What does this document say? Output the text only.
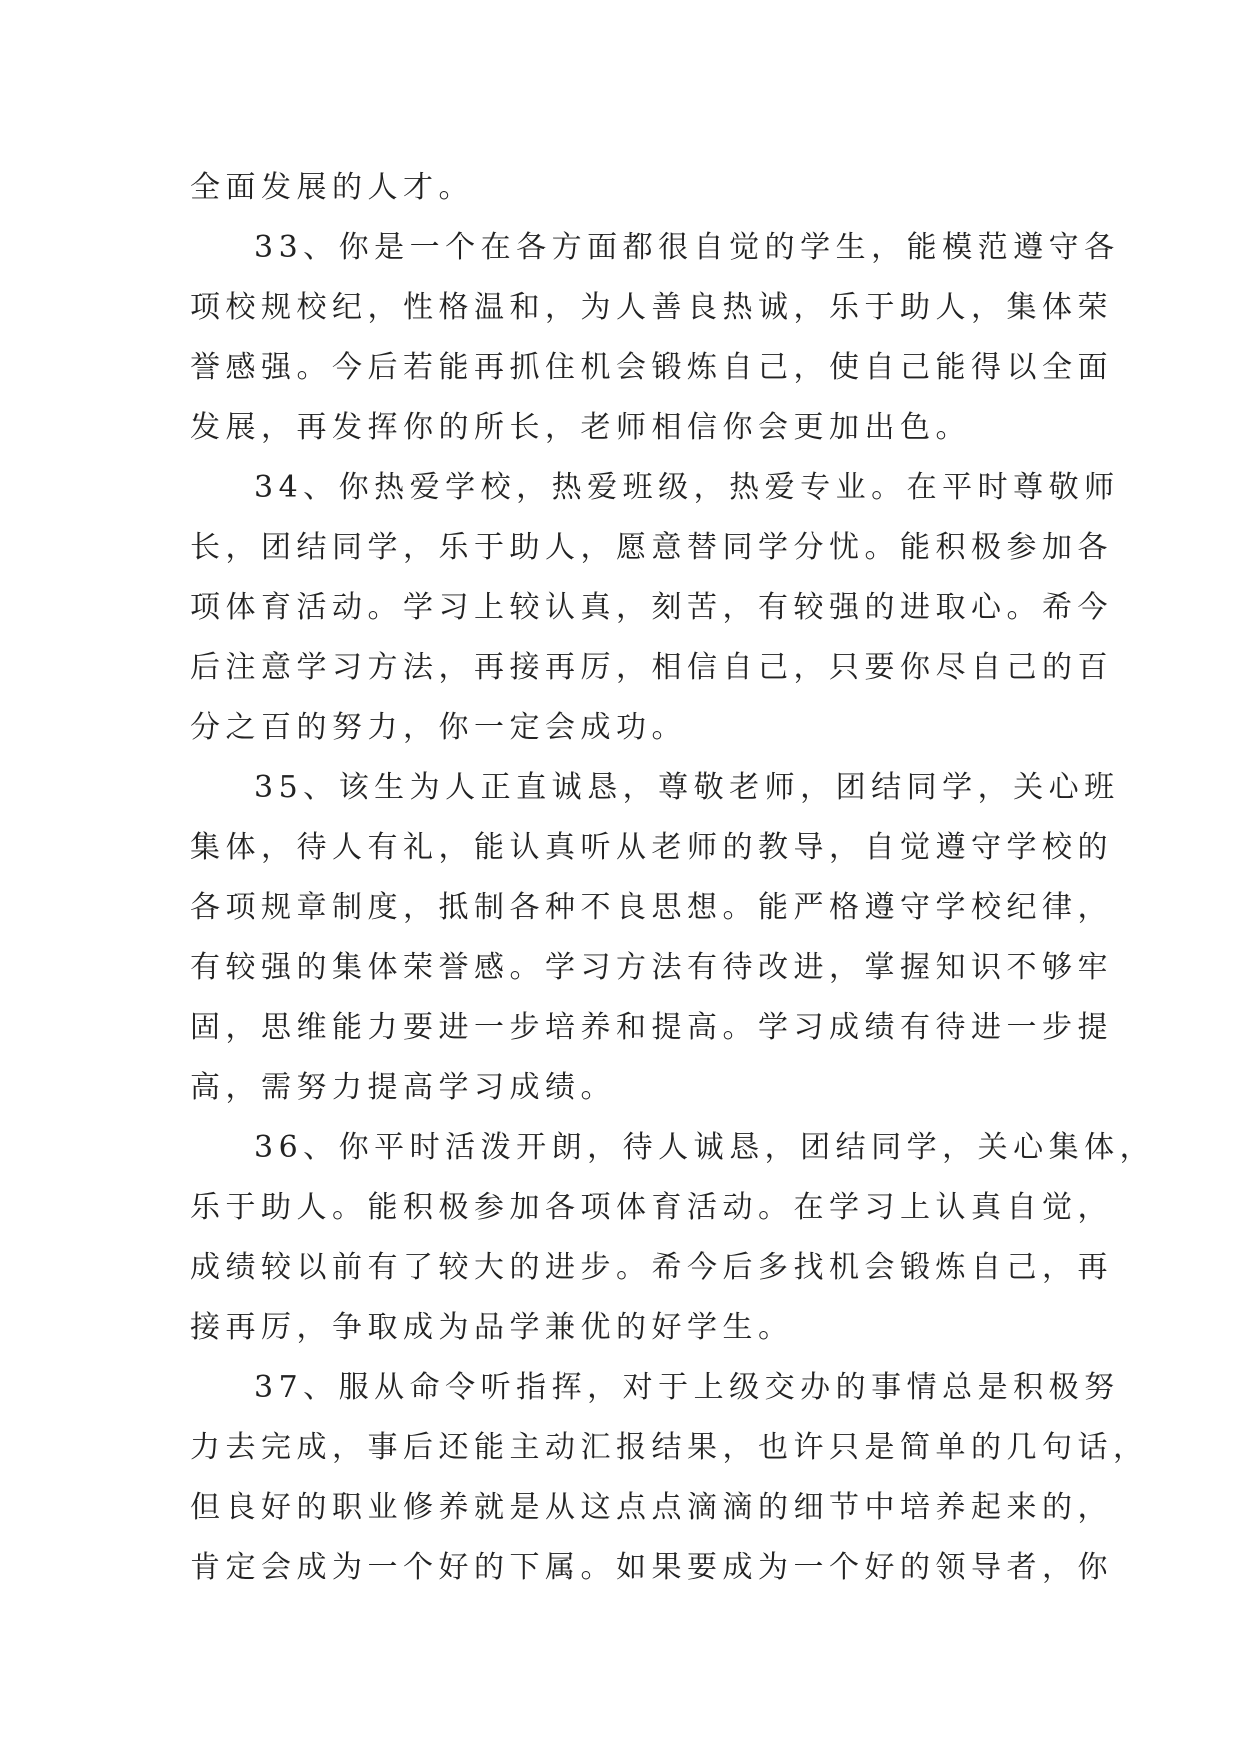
全面发展的人才。
33、你是一个在各方面都很自觉的学生，能模范遵守各
项校规校纪，性格温和，为人善良热诚，乐于助人，集体荣
誉感强。今后若能再抓住机会锻炼自己，使自己能得以全面
发展，再发挥你的所长，老师相信你会更加出色。
34、你热爱学校，热爱班级，热爱专业。在平时尊敬师
长，团结同学，乐于助人，愿意替同学分忧。能积极参加各
项体育活动。学习上较认真，刻苦，有较强的进取心。希今
后注意学习方法，再接再厉，相信自己，只要你尽自己的百
分之百的努力，你一定会成功。
35、该生为人正直诚恳，尊敬老师，团结同学，关心班
集体，待人有礼，能认真听从老师的教导，自觉遵守学校的
各项规章制度，抵制各种不良思想。能严格遵守学校纪律，
有较强的集体荣誉感。学习方法有待改进，掌握知识不够牢
固，思维能力要进一步培养和提高。学习成绩有待进一步提
高，需努力提高学习成绩。
36、你平时活泼开朗，待人诚恳，团结同学，关心集体，
乐于助人。能积极参加各项体育活动。在学习上认真自觉，
成绩较以前有了较大的进步。希今后多找机会锻炼自己，再
接再厉，争取成为品学兼优的好学生。
37、服从命令听指挥，对于上级交办的事情总是积极努
力去完成，事后还能主动汇报结果，也许只是简单的几句话，
但良好的职业修养就是从这点点滴滴的细节中培养起来的，
肯定会成为一个好的下属。如果要成为一个好的领导者，你
